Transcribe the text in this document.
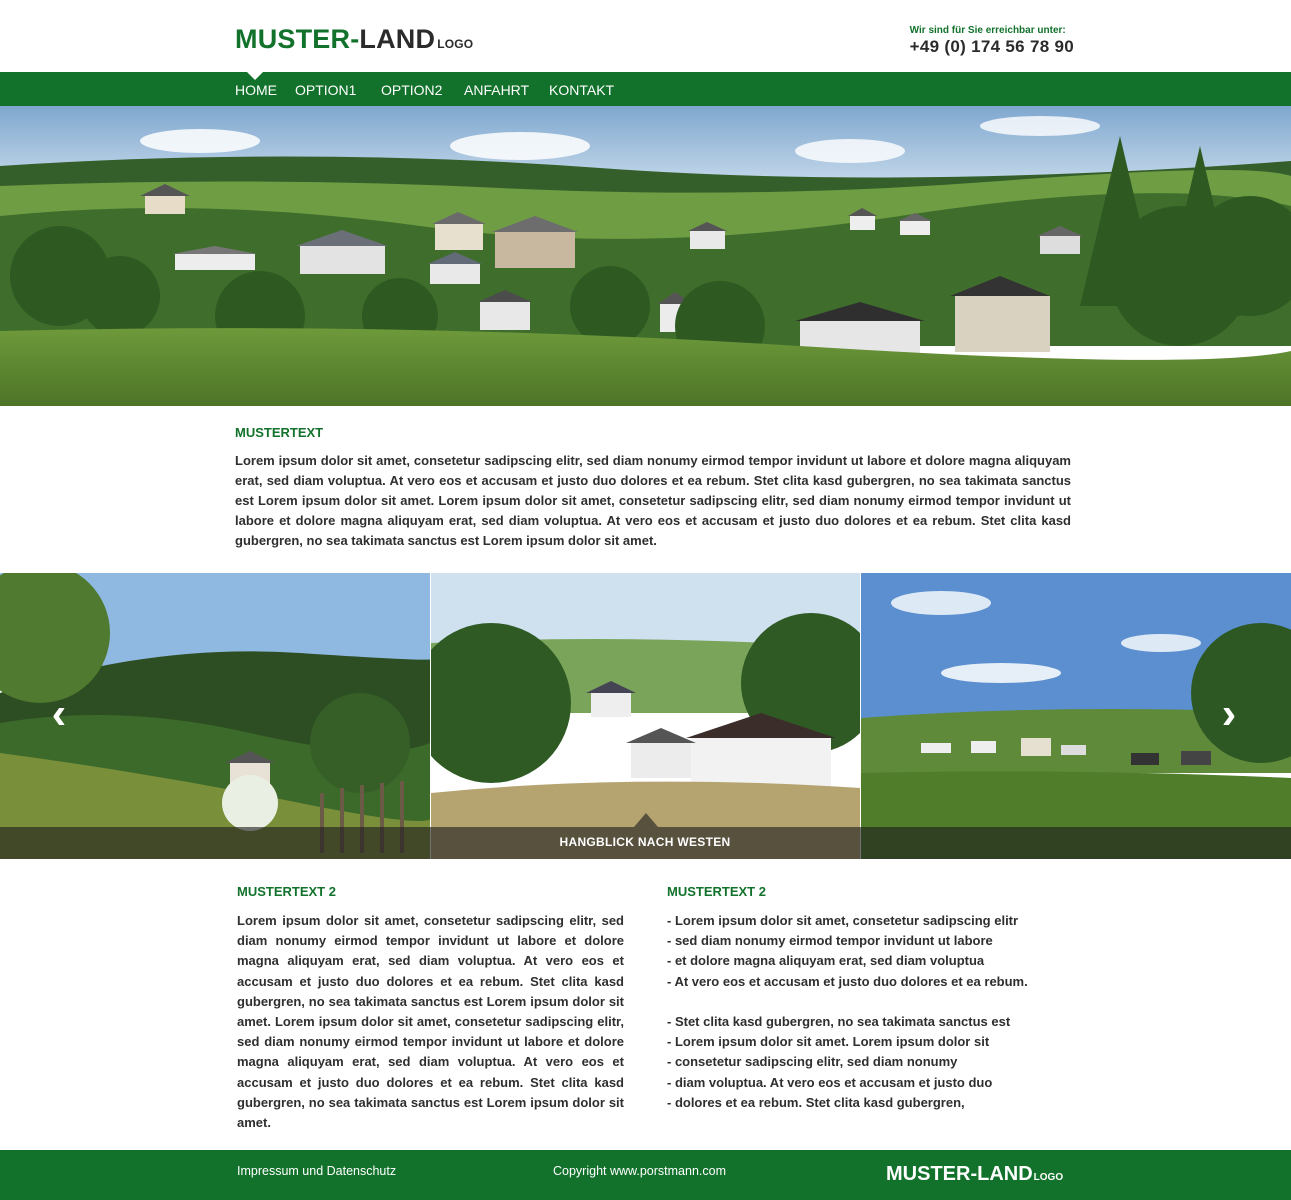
MUSTER-LAND LOGO
Wir sind für Sie erreichbar unter:
+49 (0) 174 56 78 90
HOME	OPTION1	OPTION2	ANFAHRT	KONTAKT
MUSTERTEXT
Lorem ipsum dolor sit amet, consetetur sadipscing elitr, sed diam nonumy eirmod tempor invidunt ut labore et dolore magna aliquyam erat, sed diam voluptua. At vero eos et accusam et justo duo dolores et ea rebum. Stet clita kasd gubergren, no sea takimata sanctus est Lorem ipsum dolor sit amet. Lorem ipsum dolor sit amet, consetetur sadipscing elitr, sed diam nonumy eirmod tempor invidunt ut labore et dolore magna aliquyam erat, sed diam voluptua. At vero eos et accusam et justo duo dolores et ea rebum. Stet clita kasd gubergren, no sea takimata sanctus est Lorem ipsum dolor sit amet.
HANGBLICK NACH WESTEN
‹	›
MUSTERTEXT 2
Lorem ipsum dolor sit amet, consetetur sadipscing elitr, sed diam nonumy eirmod tempor invidunt ut labore et dolore magna aliquyam erat, sed diam voluptua. At vero eos et accusam et justo duo dolores et ea rebum. Stet clita kasd gubergren, no sea takimata sanctus est Lorem ipsum dolor sit amet. Lorem ipsum dolor sit amet, consetetur sadipscing elitr, sed diam nonumy eirmod tempor invidunt ut labore et dolore magna aliquyam erat, sed diam voluptua. At vero eos et accusam et justo duo dolores et ea rebum. Stet clita kasd gubergren, no sea takimata sanctus est Lorem ipsum dolor sit amet.
MUSTERTEXT 2
- Lorem ipsum dolor sit amet, consetetur sadipscing elitr
- sed diam nonumy eirmod tempor invidunt ut labore
- et dolore magna aliquyam erat, sed diam voluptua
- At vero eos et accusam et justo duo dolores et ea rebum.
- Stet clita kasd gubergren, no sea takimata sanctus est
- Lorem ipsum dolor sit amet. Lorem ipsum dolor sit
- consetetur sadipscing elitr, sed diam nonumy
- diam voluptua. At vero eos et accusam et justo duo
- dolores et ea rebum. Stet clita kasd gubergren,
Impressum und Datenschutz	Copyright www.porstmann.com	MUSTER-LANDLOGO
